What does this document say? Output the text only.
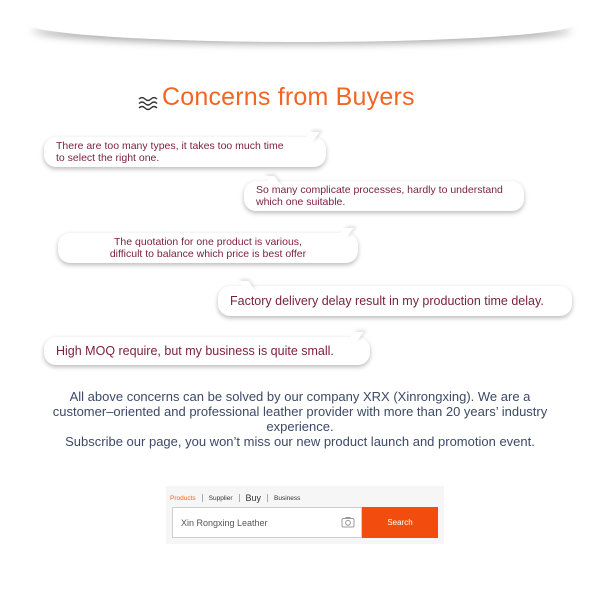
Concerns from Buyers
There are too many types, it takes too much time
to select the right one.
So many complicate processes, hardly to understand
which one suitable.
The quotation for one product is various,
difficult to balance which price is best offer
Factory delivery delay result in my production time delay.
High MOQ require, but my business is quite small.
All above concerns can be solved by our company XRX (Xinrongxing). We are a
customer–oriented and professional leather provider with more than 20 years’ industry
experience.
Subscribe our page, you won’t miss our new product launch and promotion event.
Products	Supplier	Buy	Business
Xin Rongxing Leather
Search
